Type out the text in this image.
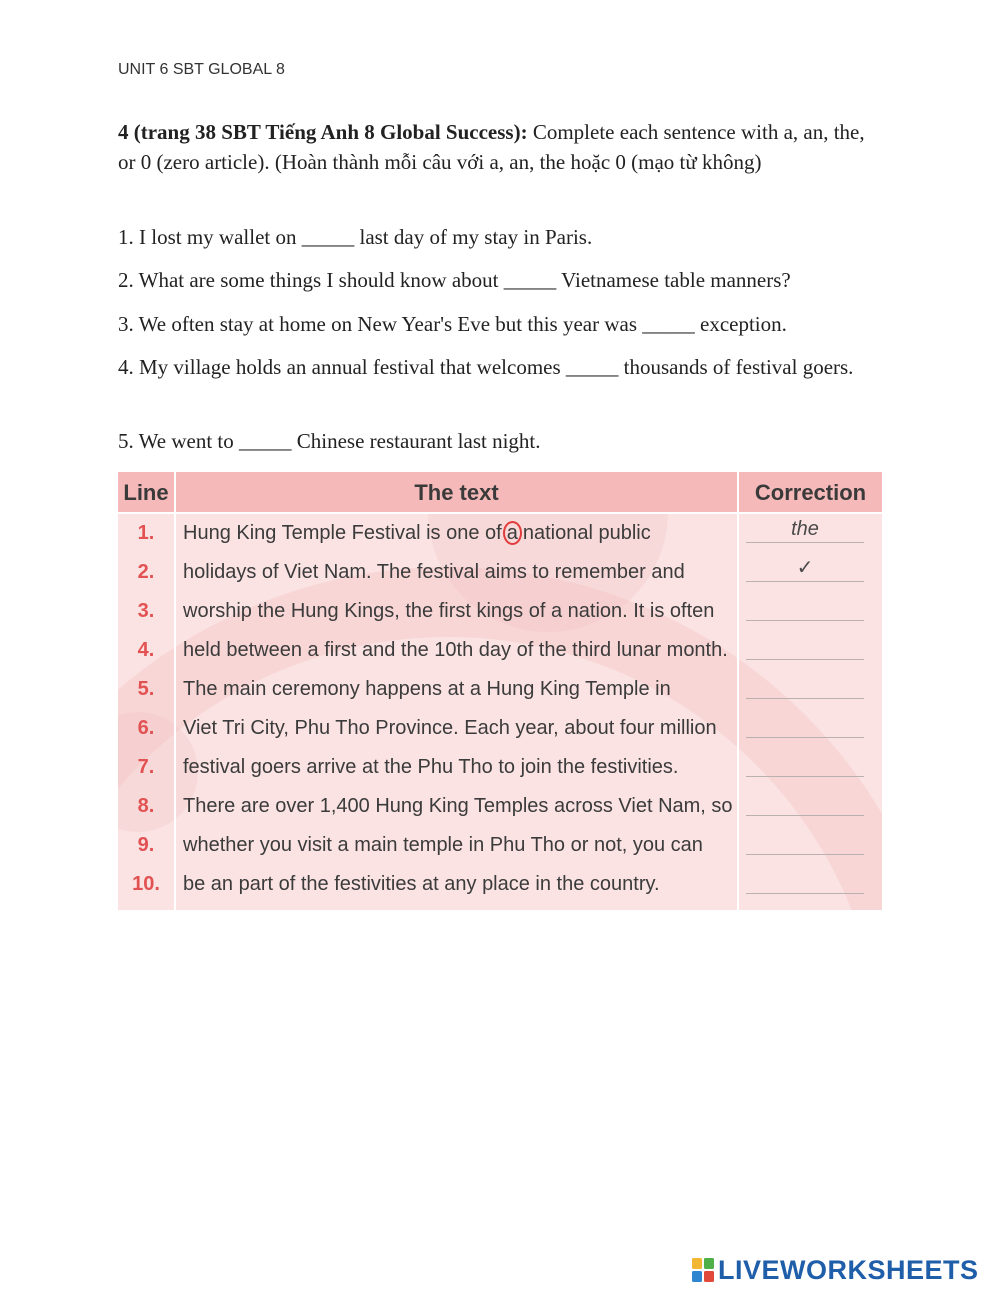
UNIT 6 SBT GLOBAL 8
4 (trang 38 SBT Tiếng Anh 8 Global Success): Complete each sentence with a, an, the, or 0 (zero article). (Hoàn thành mỗi câu với a, an, the hoặc 0 (mạo từ không)
1. I lost my wallet on _____ last day of my stay in Paris.
2. What are some things I should know about _____ Vietnamese table manners?
3. We often stay at home on New Year's Eve but this year was _____ exception.
4. My village holds an annual festival that welcomes _____ thousands of festival goers.
5. We went to _____ Chinese restaurant last night.
Line	The text	Correction
1.	Hung King Temple Festival is one of a national public	the
2.	holidays of Viet Nam. The festival aims to remember and	✓
3.	worship the Hung Kings, the first kings of a nation. It is often
4.	held between a first and the 10th day of the third lunar month.
5.	The main ceremony happens at a Hung King Temple in
6.	Viet Tri City, Phu Tho Province. Each year, about four million
7.	festival goers arrive at the Phu Tho to join the festivities.
8.	There are over 1,400 Hung King Temples across Viet Nam, so
9.	whether you visit a main temple in Phu Tho or not, you can
10.	be an part of the festivities at any place in the country.
LIVEWORKSHEETS
